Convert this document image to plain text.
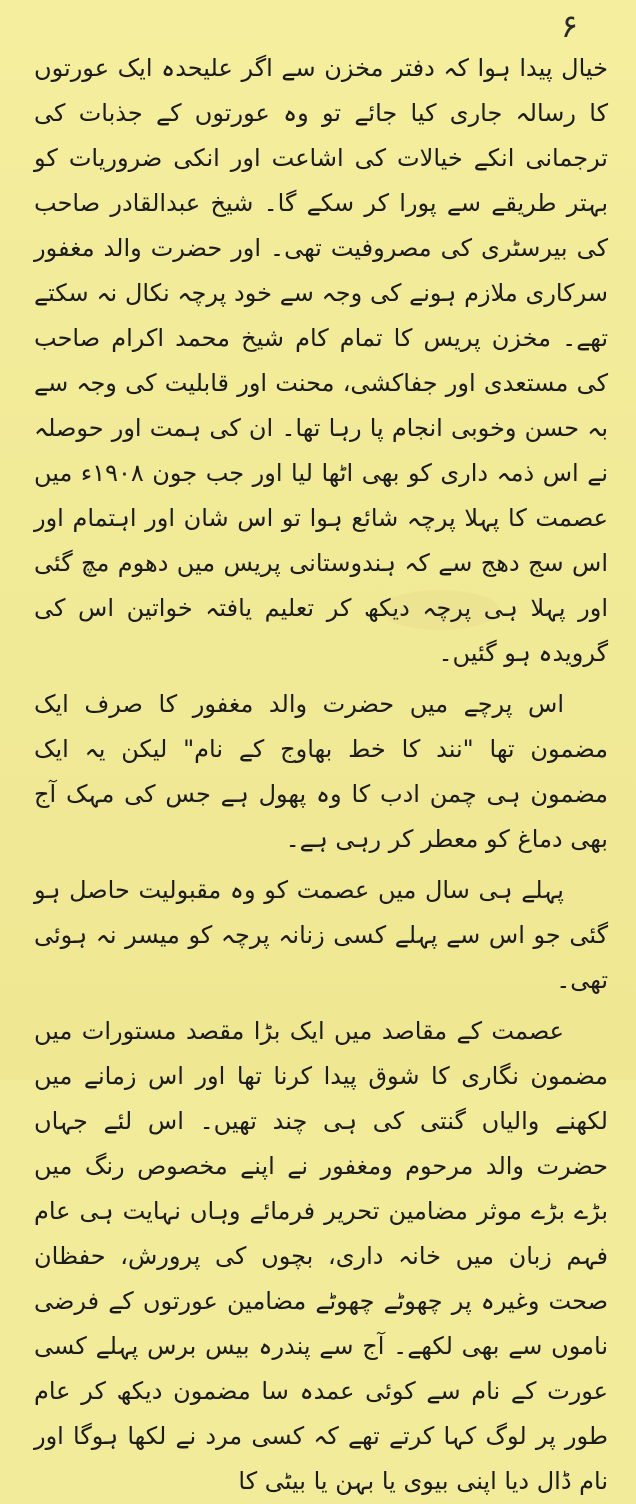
۶

خیال پیدا ہوا کہ دفتر مخزن سے اگر علیحدہ ایک عورتوں کا رسالہ جاری کیا جائے تو وہ عورتوں کے جذبات کی ترجمانی انکے خیالات کی اشاعت اور انکی ضروریات کو بہتر طریقے سے پورا کر سکے گا۔ شیخ عبدالقادر صاحب کی بیرسٹری کی مصروفیت تھی۔ اور حضرت والد مغفور سرکاری ملازم ہونے کی وجہ سے خود پرچہ نکال نہ سکتے تھے۔ مخزن پریس کا تمام کام شیخ محمد اکرام صاحب کی مستعدی اور جفاکشی، محنت اور قابلیت کی وجہ سے بہ حسن وخوبی انجام پا رہا تھا۔ ان کی ہمت اور حوصلہ نے اس ذمہ داری کو بھی اٹھا لیا اور جب جون ۱۹۰۸ء میں عصمت کا پہلا پرچہ شائع ہوا تو اس شان اور اہتمام اور اس سج دھج سے کہ ہندوستانی پریس میں دھوم مچ گئی اور پہلا ہی پرچہ دیکھ کر تعلیم یافتہ خواتین اس کی گرویدہ ہو گئیں۔

اس پرچے میں حضرت والد مغفور کا صرف ایک مضمون تھا "نند کا خط بھاوج کے نام" لیکن یہ ایک مضمون ہی چمن ادب کا وہ پھول ہے جس کی مہک آج بھی دماغ کو معطر کر رہی ہے۔

پہلے ہی سال میں عصمت کو وہ مقبولیت حاصل ہو گئی جو اس سے پہلے کسی زنانہ پرچہ کو میسر نہ ہوئی تھی۔

عصمت کے مقاصد میں ایک بڑا مقصد مستورات میں مضمون نگاری کا شوق پیدا کرنا تھا اور اس زمانے میں لکھنے والیاں گنتی کی ہی چند تھیں۔ اس لئے جہاں حضرت والد مرحوم ومغفور نے اپنے مخصوص رنگ میں بڑے بڑے موثر مضامین تحریر فرمائے وہاں نہایت ہی عام فہم زبان میں خانہ داری، بچوں کی پرورش، حفظان صحت وغیرہ پر چھوٹے چھوٹے مضامین عورتوں کے فرضی ناموں سے بھی لکھے۔ آج سے پندرہ بیس برس پہلے کسی عورت کے نام سے کوئی عمدہ سا مضمون دیکھ کر عام طور پر لوگ کہا کرتے تھے کہ کسی مرد نے لکھا ہوگا اور نام ڈال دیا اپنی بیوی یا بہن یا بیٹی کا
